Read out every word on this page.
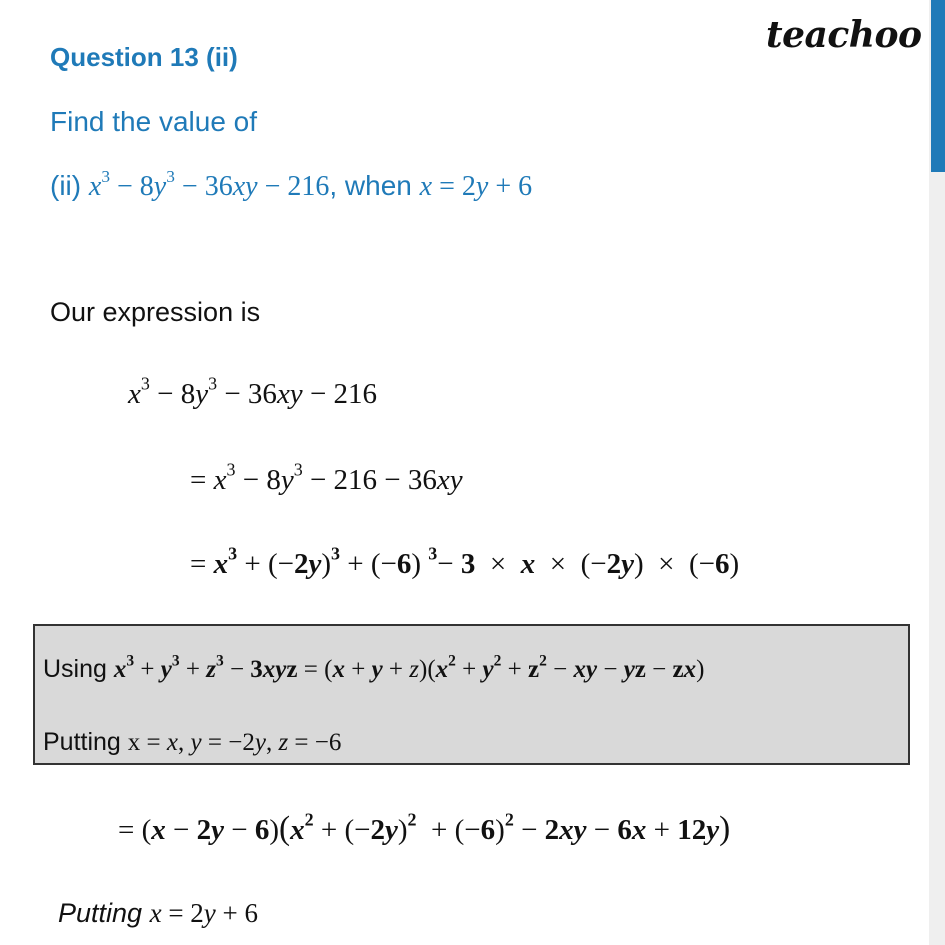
teachoo
Question 13 (ii)
Find the value of
(ii) $x^3 - 8y^3 - 36xy - 216$, when x = 2y + 6
Our expression is
$x^3 - 8y^3 - 36xy - 216$
= $x^3 - 8y^3 - 216 - 36xy$
= $x^3 + (-2y)^3 + (-6)$ $^3$− 3  ×  x  ×  (−2y)  ×  (−6)
Using $x^3 + y^3 + z^3 - 3xyz = (x + y + z)(x^2 + y^2 + z^2$ − xy − yz − zx)
Putting x = x, y = −2y, z = −6
= $(x - 2y - 6)(x^2 + (-2y)^2 + (-6)^2 - 2xy - 6x + 12y)$
Putting x = 2y + 6
